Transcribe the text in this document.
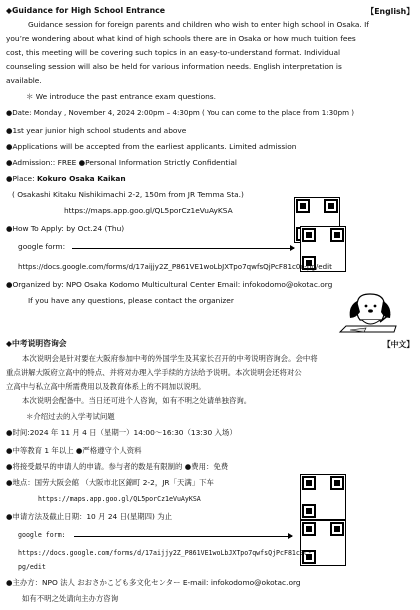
◆Guidance for High School Entrance	【English】
Guidance session for foreign parents and children who wish to enter high school in Osaka. If
you’re wondering about what kind of high schools there are in Osaka or how much tuition fees
cost, this meeting will be covering such topics in an easy-to-understand format. Individual
counseling session will also be held for various information needs. English interpretation is
available.
＊ We introduce the past entrance exam questions.
●Date: Monday , November 4, 2024 2:00pm – 4:30pm ( You can come to the place from 1:30pm )
●1st year junior high school students and above
●Applications will be accepted from the earliest applicants. Limited admission
●Admission:: FREE ●Personal Information Strictly Confidential
●Place: Kokuro Osaka Kaikan
( Osakashi Kitaku Nishikimachi 2-2, 150m from JR Temma Sta.)
https://maps.app.goo.gl/QL5porCz1eVuAyKSA
●How To Apply: by Oct.24 (Thu)
google form:
https://docs.google.com/forms/d/17aijjy2Z_P861VE1woLbJXTpo7qwfsQjPcF81c0c-pg/edit
●Organized by: NPO Osaka Kodomo Multicultural Center Email: infokodomo@okotac.org
If you have any questions, please contact the organizer
◆中考说明咨询会	【中文】
本次说明会是针对要在大阪府参加中考的外国学生及其家长召开的中考说明咨询会。会中将
重点讲解大阪府立高中的特点、并将对办理入学手续的方法给予说明。本次说明会还将对公
立高中与私立高中所需费用以及教育体系上的不同加以说明。
本次说明会配备中。当日还可进个人咨询，如有不明之处请单独咨询。
＊介绍过去的入学考试问题
●时间:2024 年 11 月 4 日（星期一）14:00～16:30（13:30 入场）
●中等教育 1 年以上 ●严格遵守个人资料
●将接受最早的申请人的申请。参与者的数是有限制的 ●费用：免费
●地点：国劳大阪会館 （大阪市北区錦町 2-2，JR「天满」下车
https://maps.app.goo.gl/QL5porCz1eVuAyKSA
●申请方法及截止日期：10 月 24 日(星期四) 为止
google form:
https://docs.google.com/forms/d/17aijjy2Z_P861VE1woLbJXTpo7qwfsQjPcF81c0c-
pg/edit
●主办方：NPO 法人 おおさかこども多文化センター E-mail: infokodomo@okotac.org
如有不明之处请向主办方咨询
